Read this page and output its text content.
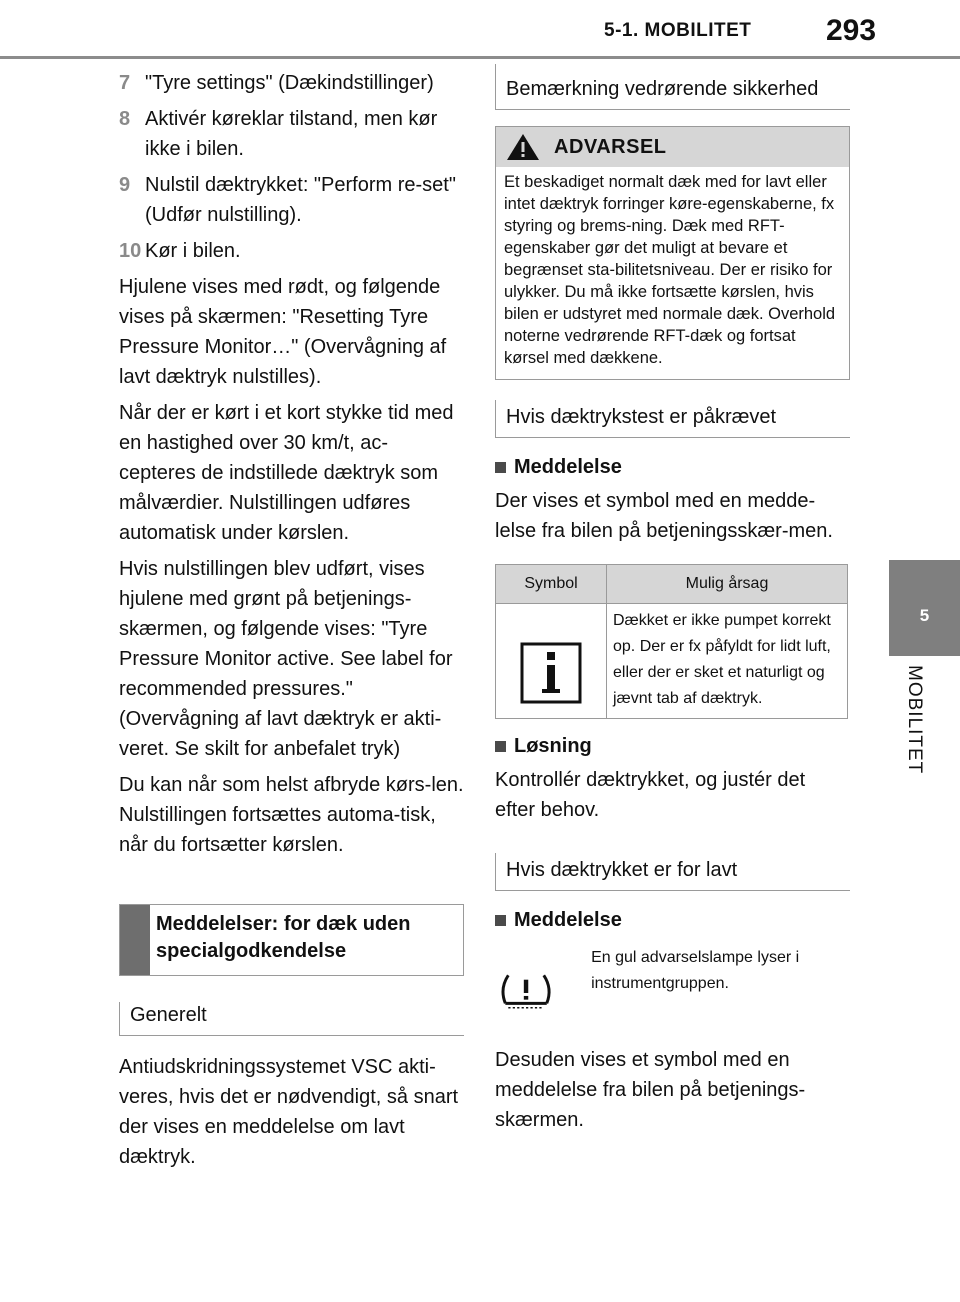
5-1. MOBILITET 293
5
MOBILITET
7 "Tyre settings" (Dækindstillinger)
8 Aktivér køreklar tilstand, men kør ikke i bilen.
9 Nulstil dæktrykket: "Perform re-set" (Udfør nulstilling).
10 Kør i bilen.

Hjulene vises med rødt, og følgende vises på skærmen: "Resetting Tyre Pressure Monitor…" (Overvågning af lavt dæktryk nulstilles).

Når der er kørt i et kort stykke tid med en hastighed over 30 km/t, ac-cepteres de indstillede dæktryk som målværdier. Nulstillingen udføres automatisk under kørslen.

Hvis nulstillingen blev udført, vises hjulene med grønt på betjenings-skærmen, og følgende vises: "Tyre Pressure Monitor active. See label for recommended pressures." (Overvågning af lavt dæktryk er akti-veret. Se skilt for anbefalet tryk)

Du kan når som helst afbryde kørs-len. Nulstillingen fortsættes automa-tisk, når du fortsætter kørslen.

Meddelelser: for dæk uden specialgodkendelse
Generelt

Antiudskridningssystemet VSC akti-veres, hvis det er nødvendigt, så snart der vises en meddelelse om lavt dæktryk.

Bemærkning vedrørende sikkerhed
ADVARSEL
Et beskadiget normalt dæk med for lavt eller intet dæktryk forringer køre-egenskaberne, fx styring og brems-ning. Dæk med RFT-egenskaber gør det muligt at bevare et begrænset sta-bilitetsniveau. Der er risiko for ulykker. Du må ikke fortsætte kørslen, hvis bilen er udstyret med normale dæk. Overhold noterne vedrørende RFT-dæk og fortsat kørsel med dækkene.
Hvis dæktrykstest er påkrævet
Meddelelse

Der vises et symbol med en medde-lelse fra bilen på betjeningsskær-men.

Symbol	Mulig årsag
	Dækket er ikke pumpet korrekt op. Der er fx påfyldt for lidt luft, eller der er sket et naturligt og jævnt tab af dæktryk.
Løsning

Kontrollér dæktrykket, og justér det efter behov.

Hvis dæktrykket er for lavt
Meddelelse
En gul advarselslampe lyser i instrumentgruppen.

Desuden vises et symbol med en meddelelse fra bilen på betjenings-skærmen.
